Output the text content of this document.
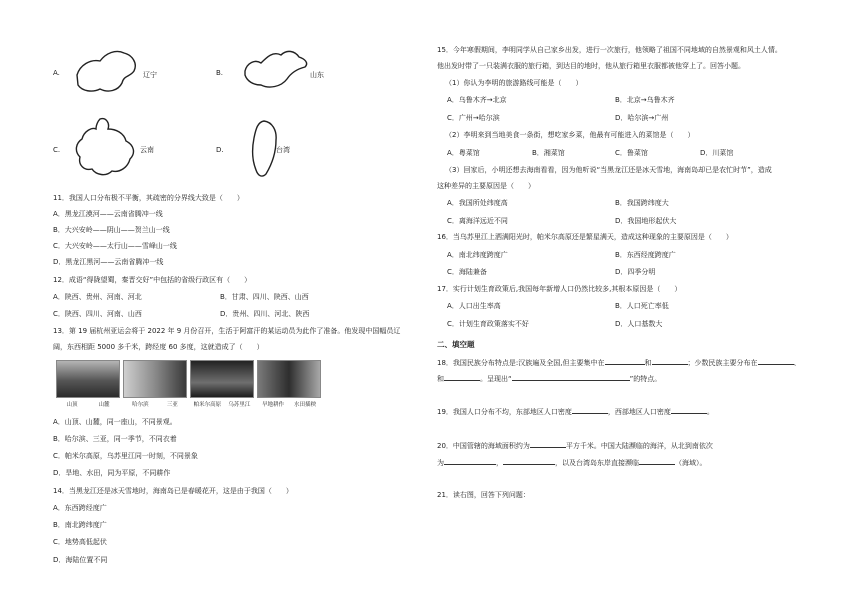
A.	辽宁	B.	山东
C.	云南	D.	台湾
11．我国人口分布极不平衡，其疏密的分界线大致是（　　）
A．黑龙江漠河——云南省腾冲一线
B．大兴安岭——阴山——贺兰山一线
C．大兴安岭——太行山——雪峰山一线
D．黑龙江黑河——云南省腾冲一线
12．成语“得陇望蜀，秦晋交好”中包括的省级行政区有（　　）
A．陕西、贵州、河南、河北	B．甘肃、四川、陕西、山西
C．陕西、四川、河南、山西	D．贵州、四川、河北、陕西
13．第 19 届杭州亚运会将于 2022 年 9 月份召开，生活于阿富汗的某运动员为此作了准备。他发现中国幅员辽
阔，东西相距 5000 多千米，跨经度 60 多度，这就造成了（　　）
山顶	山麓	哈尔滨	三亚	帕米尔高原 乌苏里江 旱地耕作 水田插秧
A．山顶、山麓，同一座山，不同景观。
B．哈尔滨、三亚，同一季节，不同衣着
C．帕米尔高原，乌苏里江同一时刻，不同景象
D．旱地、水田，同为平原，不同耕作
14．当黑龙江还是冰天雪地时，海南岛已是春暖花开，这是由于我国（　　）
A．东西跨经度广
B．南北跨纬度广
C．地势高低起伏
D．海陆位置不同
15．今年寒假期间，李明同学从自己家乡出发，进行一次旅行，他领略了祖国不同地域的自然景观和风土人情。
他出发时带了一只装满衣服的旅行箱，到达目的地时，他从旅行箱里衣服都被他穿上了。回答小题。
（1）你认为李明的旅游路线可能是（　　）
A．乌鲁木齐→北京	B．北京→乌鲁木齐
C．广州→哈尔滨	D．哈尔滨→广州
（2）李明来到当地美食一条街，想吃家乡菜，他最有可能进入的菜馆是（　　）
A．粤菜馆	B．湘菜馆	C．鲁菜馆	D．川菜馆
（3）回家后，小明还想去海南看看，因为他听说“当黑龙江还是冰天雪地，海南岛却已是农忙时节”，造成
这种差异的主要原因是（　　）
A．我国所处纬度高	B．我国跨纬度大
C．离海洋远近不同	D．我国地形起伏大
16．当乌苏里江上洒满阳光时，帕米尔高原还是繁星满天，造成这种现象的主要原因是（　　）
A．南北纬度跨度广	B．东西经度跨度广
C．海陆兼备	D．四季分明
17．实行计划生育政策后,我国每年新增人口仍然比较多,其根本原因是（　　）
A．人口出生率高	B．人口死亡率低
C．计划生育政策落实不好	D．人口基数大
二、填空题
18．我国民族分布特点是:汉族遍及全国,但主要集中在	和	；少数民族主要分布在	、
和	。呈现出“	”的特点。
19．我国人口分布不均，东部地区人口密度	，西部地区人口密度	。
20．中国管辖的海域面积约为	平方千米。中国大陆濒临的海洋，从北到南依次
为	，	，以及台湾岛东岸直接濒临	（海域）。
21．读右图，回答下列问题：
